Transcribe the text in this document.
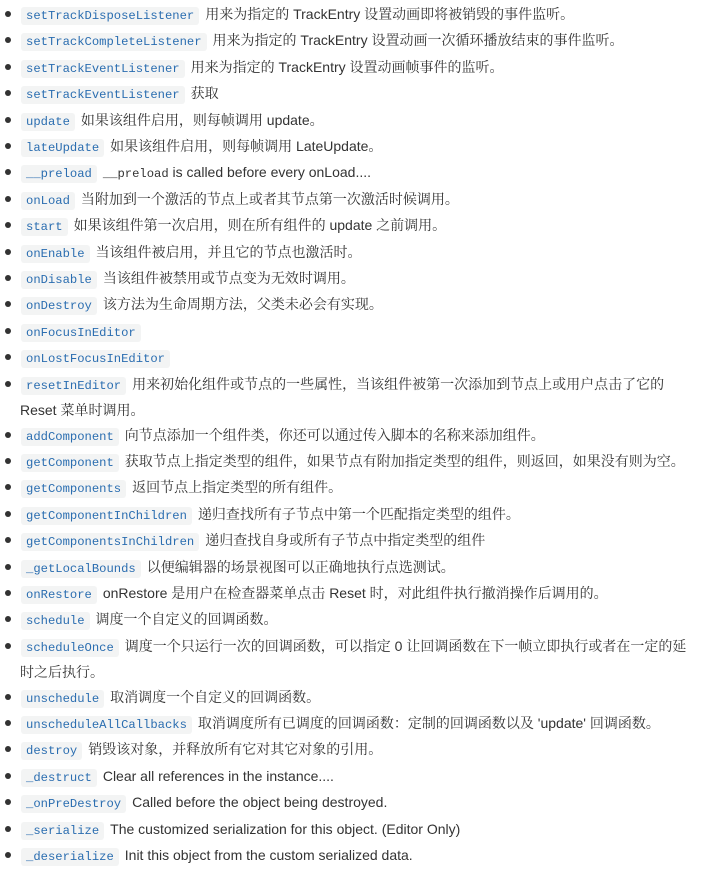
setTrackDisposeListener 用来为指定的 TrackEntry 设置动画即将被销毁的事件监听。
setTrackCompleteListener 用来为指定的 TrackEntry 设置动画一次循环播放结束的事件监听。
setTrackEventListener 用来为指定的 TrackEntry 设置动画帧事件的监听。
setTrackEventListener 获取
update 如果该组件启用，则每帧调用 update。
lateUpdate 如果该组件启用，则每帧调用 LateUpdate。
__preload __preload is called before every onLoad....
onLoad 当附加到一个激活的节点上或者其节点第一次激活时候调用。
start 如果该组件第一次启用，则在所有组件的 update 之前调用。
onEnable 当该组件被启用，并且它的节点也激活时。
onDisable 当该组件被禁用或节点变为无效时调用。
onDestroy 该方法为生命周期方法，父类未必会有实现。
onFocusInEditor
onLostFocusInEditor
resetInEditor 用来初始化组件或节点的一些属性，当该组件被第一次添加到节点上或用户点击了它的 Reset 菜单时调用。
addComponent 向节点添加一个组件类，你还可以通过传入脚本的名称来添加组件。
getComponent 获取节点上指定类型的组件，如果节点有附加指定类型的组件，则返回，如果没有则为空。
getComponents 返回节点上指定类型的所有组件。
getComponentInChildren 递归查找所有子节点中第一个匹配指定类型的组件。
getComponentsInChildren 递归查找自身或所有子节点中指定类型的组件
_getLocalBounds 以便编辑器的场景视图可以正确地执行点选测试。
onRestore onRestore 是用户在检查器菜单点击 Reset 时，对此组件执行撤消操作后调用的。
schedule 调度一个自定义的回调函数。
scheduleOnce 调度一个只运行一次的回调函数，可以指定 0 让回调函数在下一帧立即执行或者在一定的延时之后执行。
unschedule 取消调度一个自定义的回调函数。
unscheduleAllCallbacks 取消调度所有已调度的回调函数：定制的回调函数以及 'update' 回调函数。
destroy 销毁该对象，并释放所有它对其它对象的引用。
_destruct Clear all references in the instance....
_onPreDestroy Called before the object being destroyed.
_serialize The customized serialization for this object. (Editor Only)
_deserialize Init this object from the custom serialized data.
